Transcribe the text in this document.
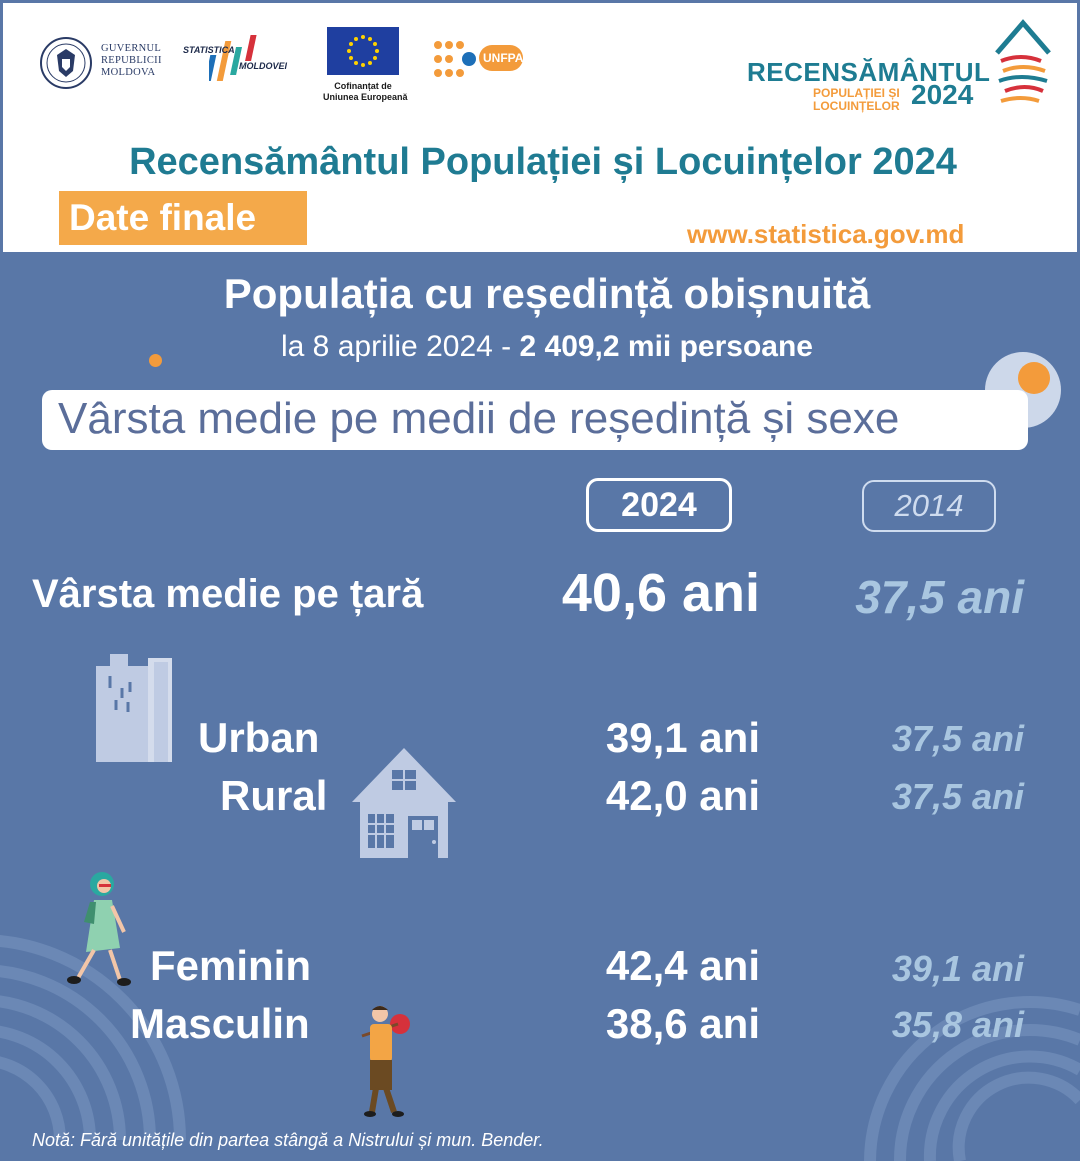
GUVERNUL
REPUBLICII
MOLDOVA
STATISTICA
MOLDOVEI
Cofinanțat de
Uniunea Europeană
UNFPA	RECENSĂMÂNTUL
POPULAȚIEI ȘI
LOCUINȚELOR 2024
Recensământul Populației și Locuințelor 2024
Date finale	www.statistica.gov.md
Populația cu reședință obișnuită
la 8 aprilie 2024 - 2 409,2 mii persoane
Vârsta medie pe medii de reședință și sexe
2024	2014
Vârsta medie pe țară	40,6 ani	37,5 ani
Urban	39,1 ani	37,5 ani
Rural	42,0 ani	37,5 ani
Feminin	42,4 ani	39,1 ani
Masculin	38,6 ani	35,8 ani
Notă: Fără unitățile din partea stângă a Nistrului și mun. Bender.
